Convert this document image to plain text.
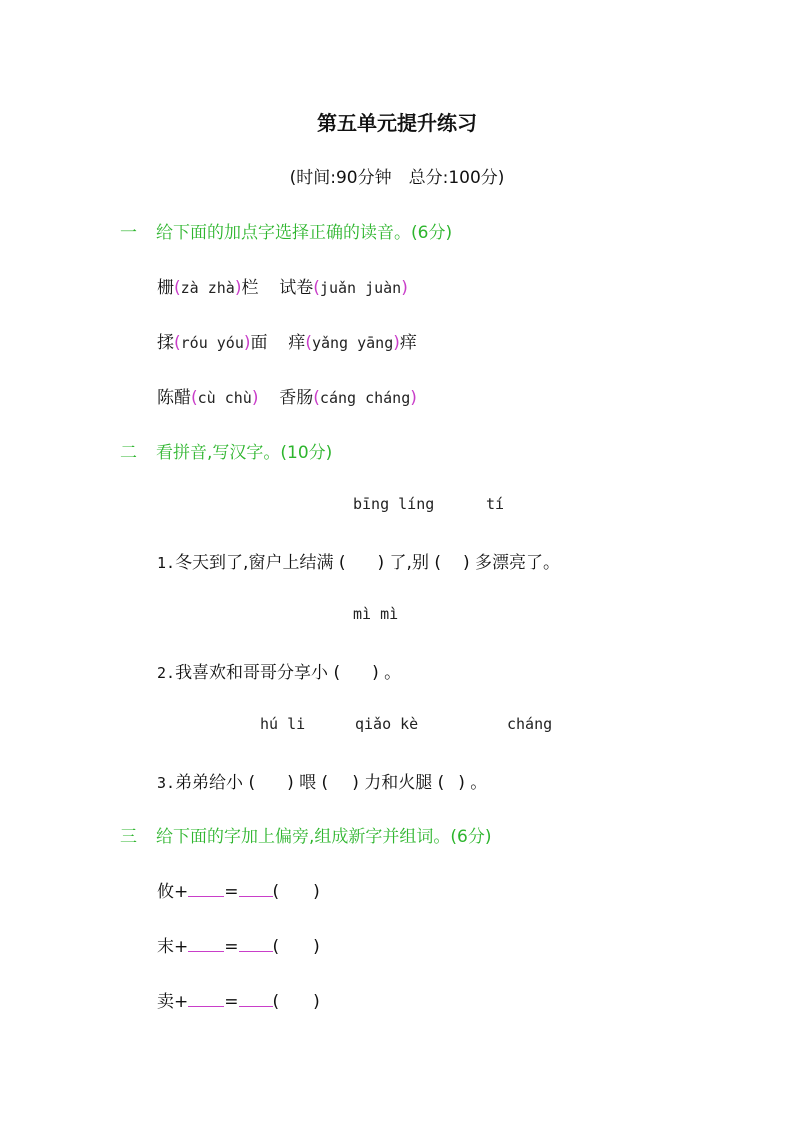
第五单元提升练习
(时间:90分钟　总分:100分)
一 给下面的加点字选择正确的读音。(6分)
栅(zà zhà)栏 试卷(juǎn juàn)
揉(róu yóu)面 痒(yǎng yāng)痒
陈醋(cù chù) 香肠(cáng cháng)
二 看拼音,写汉字。(10分)
bīng líng	tí
1.冬天到了,窗户上结满 ( ) 了,别 ( ) 多漂亮了。
mì mì
2.我喜欢和哥哥分享小 ( ) 。
hú li	qiǎo kè	cháng
3.弟弟给小 ( ) 喂 ( ) 力和火腿 ( ) 。
三 给下面的字加上偏旁,组成新字并组词。(6分)
攸+ = ( )
末+ = ( )
卖+ = ( )
